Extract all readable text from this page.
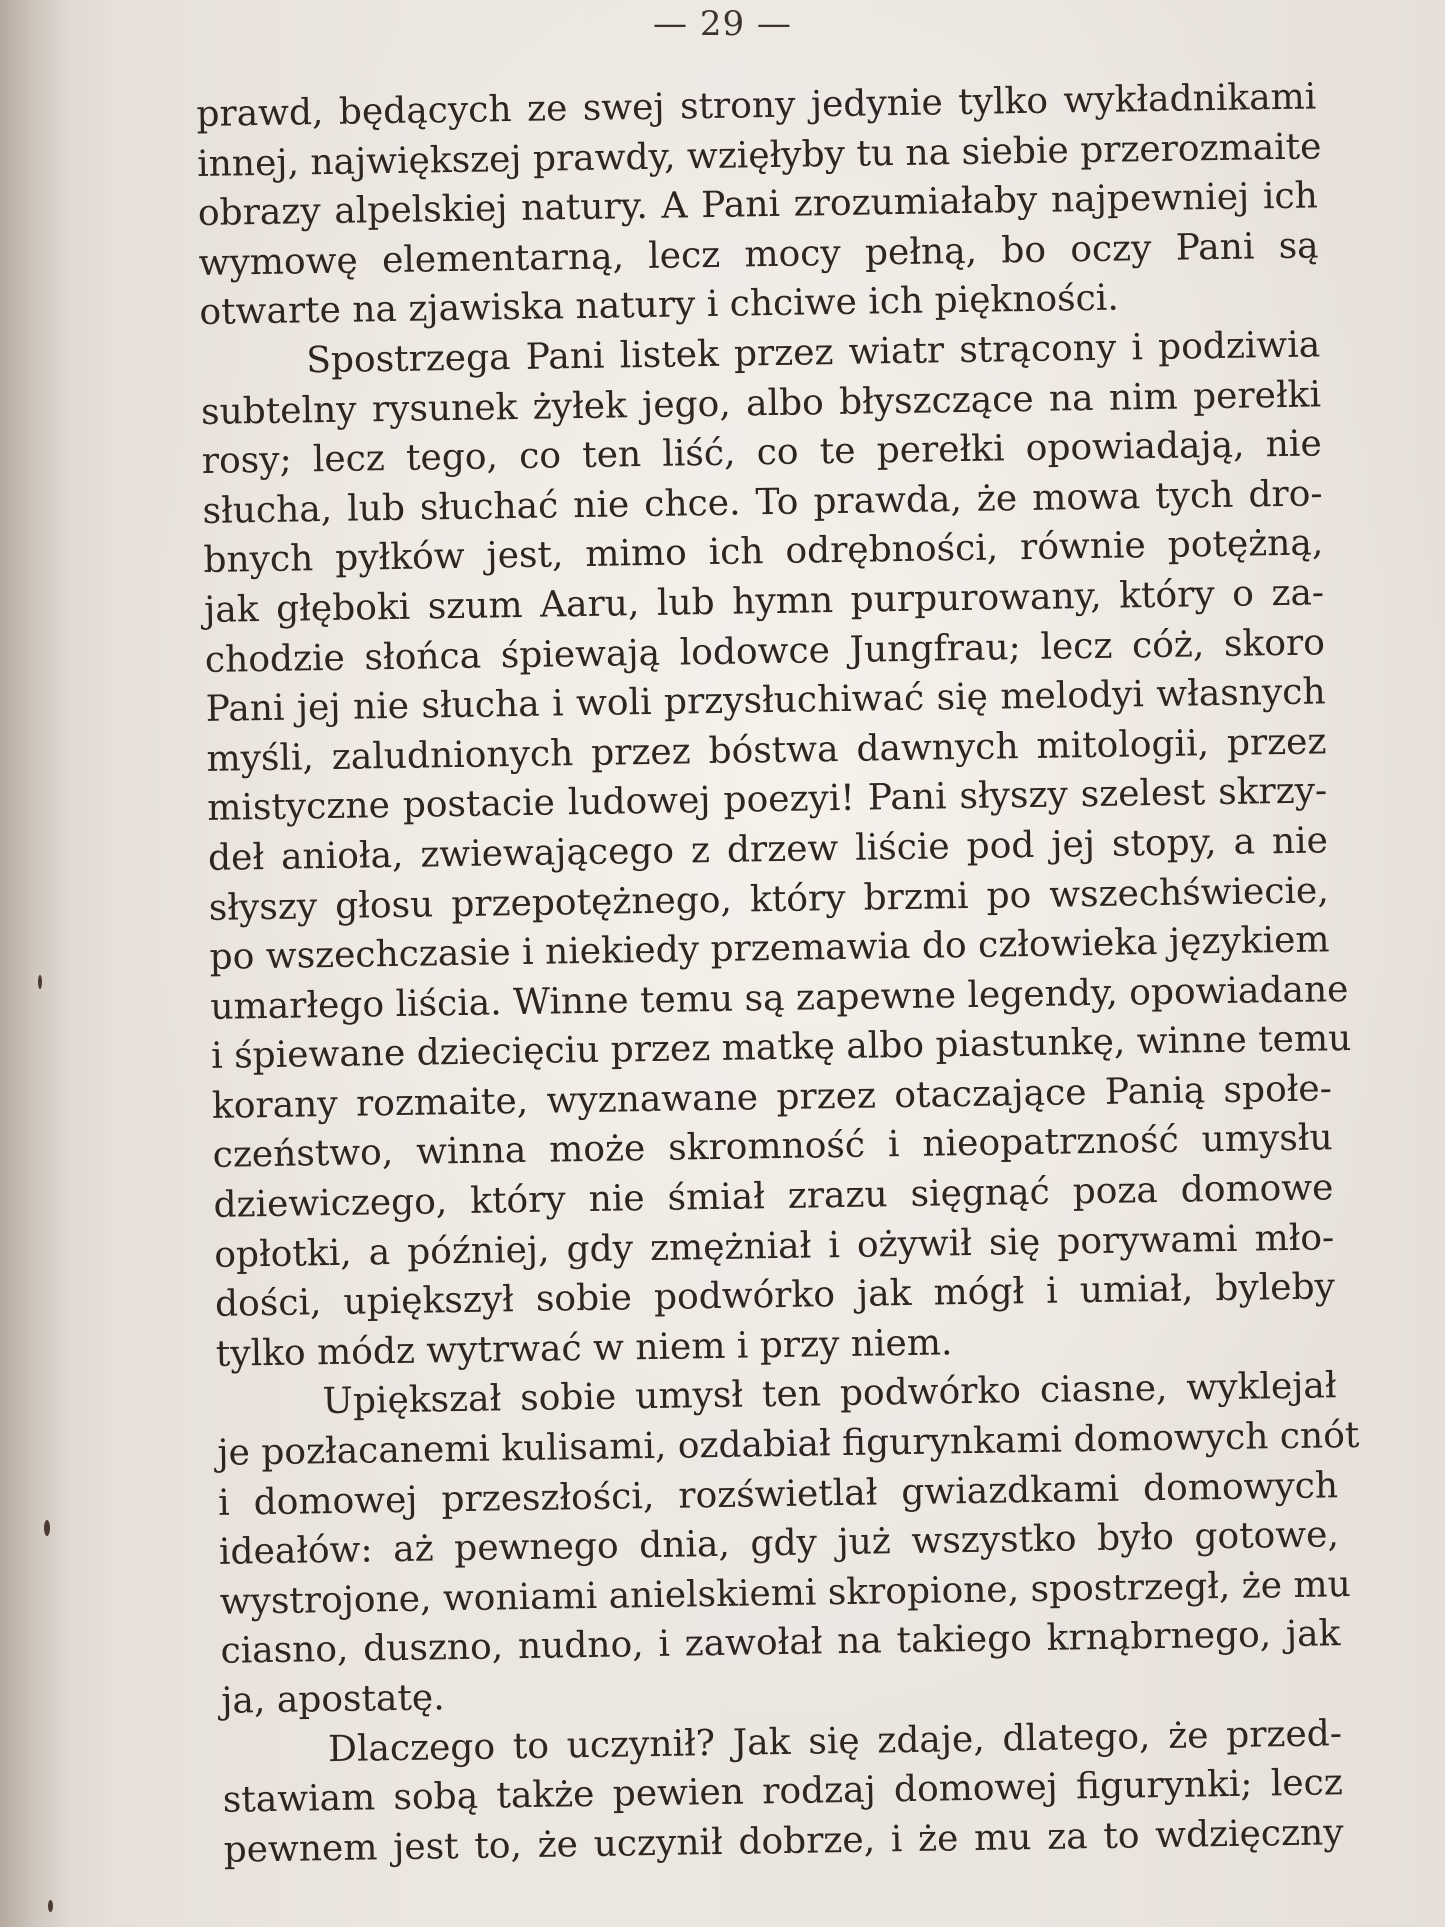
— 29 —
prawd, będących ze swej strony jedynie tylko wykładnikami
innej, największej prawdy, wzięłyby tu na siebie przerozmaite
obrazy alpelskiej natury. A Pani zrozumiałaby najpewniej ich
wymowę elementarną, lecz mocy pełną, bo oczy Pani są
otwarte na zjawiska natury i chciwe ich piękności.
Spostrzega Pani listek przez wiatr strącony i podziwia
subtelny rysunek żyłek jego, albo błyszczące na nim perełki
rosy; lecz tego, co ten liść, co te perełki opowiadają, nie
słucha, lub słuchać nie chce. To prawda, że mowa tych dro-
bnych pyłków jest, mimo ich odrębności, równie potężną,
jak głęboki szum Aaru, lub hymn purpurowany, który o za-
chodzie słońca śpiewają lodowce Jungfrau; lecz cóż, skoro
Pani jej nie słucha i woli przysłuchiwać się melodyi własnych
myśli, zaludnionych przez bóstwa dawnych mitologii, przez
mistyczne postacie ludowej poezyi! Pani słyszy szelest skrzy-
deł anioła, zwiewającego z drzew liście pod jej stopy, a nie
słyszy głosu przepotężnego, który brzmi po wszechświecie,
po wszechczasie i niekiedy przemawia do człowieka językiem
umarłego liścia. Winne temu są zapewne legendy, opowiadane
i śpiewane dziecięciu przez matkę albo piastunkę, winne temu
korany rozmaite, wyznawane przez otaczające Panią społe-
czeństwo, winna może skromność i nieopatrzność umysłu
dziewiczego, który nie śmiał zrazu sięgnąć poza domowe
opłotki, a później, gdy zmężniał i ożywił się porywami mło-
dości, upiększył sobie podwórko jak mógł i umiał, byleby
tylko módz wytrwać w niem i przy niem.
Upiększał sobie umysł ten podwórko ciasne, wyklejał
je pozłacanemi kulisami, ozdabiał figurynkami domowych cnót
i domowej przeszłości, rozświetlał gwiazdkami domowych
ideałów: aż pewnego dnia, gdy już wszystko było gotowe,
wystrojone, woniami anielskiemi skropione, spostrzegł, że mu
ciasno, duszno, nudno, i zawołał na takiego krnąbrnego, jak
ja, apostatę.
Dlaczego to uczynił? Jak się zdaje, dlatego, że przed-
stawiam sobą także pewien rodzaj domowej figurynki; lecz
pewnem jest to, że uczynił dobrze, i że mu za to wdzięczny
